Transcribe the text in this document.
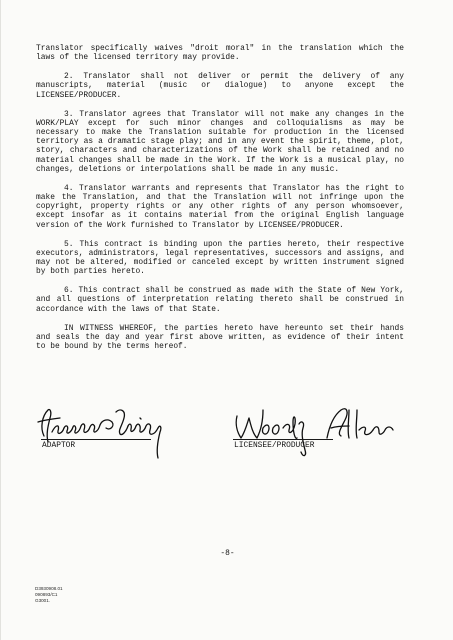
Translator specifically waives "droit moral" in the translation which the laws of the licensed territory may provide.

2. Translator shall not deliver or permit the delivery of any manuscripts, material (music or dialogue) to anyone except the LICENSEE/PRODUCER.

3. Translator agrees that Translator will not make any changes in the WORK/PLAY except for such minor changes and colloquialisms as may be necessary to make the Translation suitable for production in the licensed territory as a dramatic stage play; and in any event the spirit, theme, plot, story, characters and characterizations of the Work shall be retained and no material changes shall be made in the Work. If the Work is a musical play, no changes, deletions or interpolations shall be made in any music.

4. Translator warrants and represents that Translator has the right to make the Translation, and that the Translation will not infringe upon the copyright, property rights or any other rights of any person whomsoever, except insofar as it contains material from the original English language version of the Work furnished to Translator by LICENSEE/PRODUCER.

5. This contract is binding upon the parties hereto, their respective executors, administrators, legal representatives, successors and assigns, and may not be altered, modified or canceled except by written instrument signed by both parties hereto.

6. This contract shall be construed as made with the State of New York, and all questions of interpretation relating thereto shall be construed in accordance with the laws of that State.

IN WITNESS WHEREOF, the parties hereto have hereunto set their hands and seals the day and year first above written, as evidence of their intent to be bound by the terms hereof.

ADAPTOR	LICENSEE/PRODUCER
-8-
D3930908.01
090893/C1
G3001.
